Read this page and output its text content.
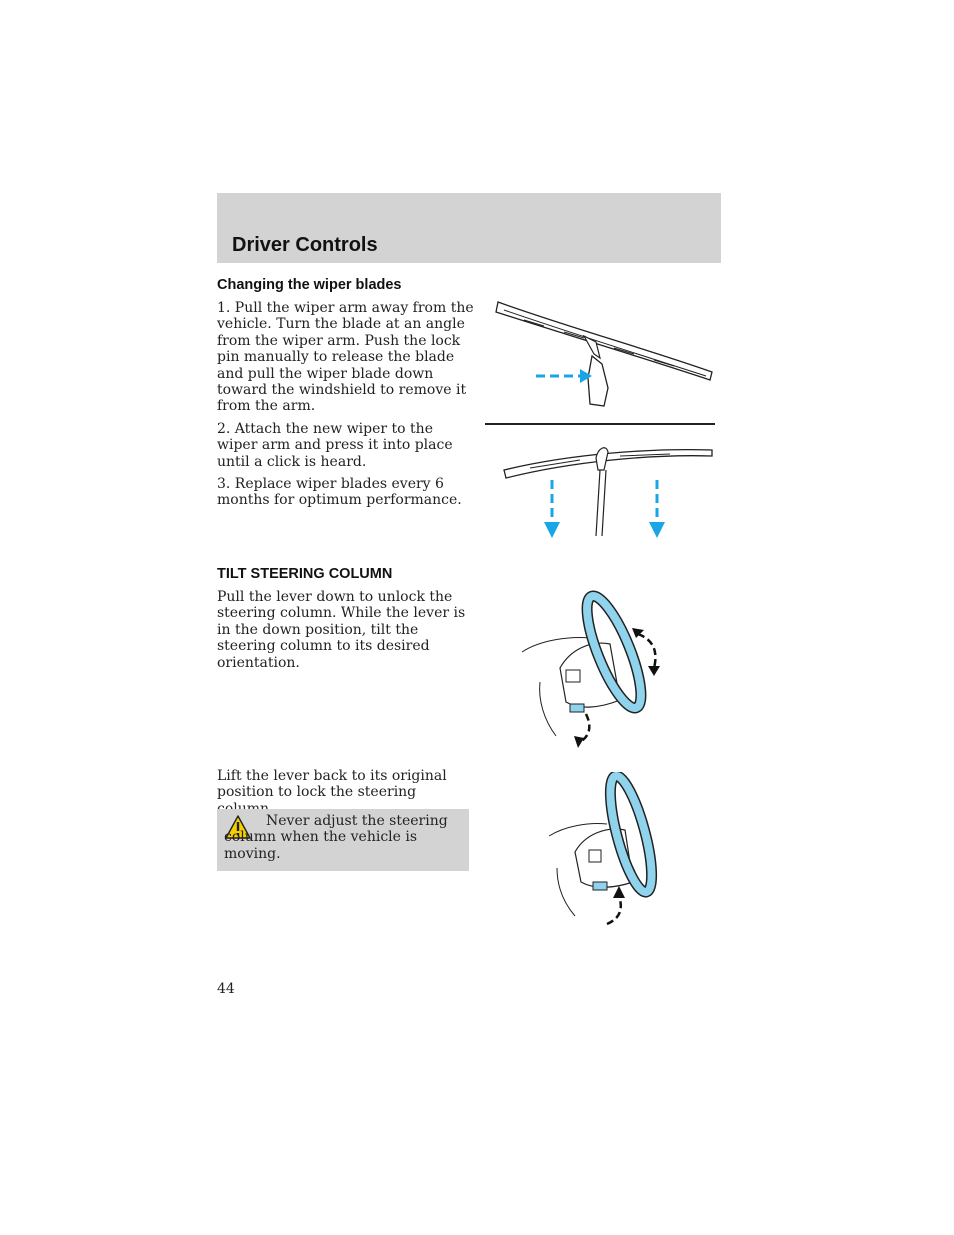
Driver Controls
Changing the wiper blades

1. Pull the wiper arm away from the vehicle. Turn the blade at an angle from the wiper arm. Push the lock pin manually to release the blade and pull the wiper blade down toward the windshield to remove it from the arm.

2. Attach the new wiper to the wiper arm and press it into place until a click is heard.

3. Replace wiper blades every 6 months for optimum performance.

TILT STEERING COLUMN

Pull the lever down to unlock the steering column. While the lever is in the down position, tilt the steering column to its desired orientation.

Lift the lever back to its original position to lock the steering

Never adjust the steering column when the vehicle is moving.

44
